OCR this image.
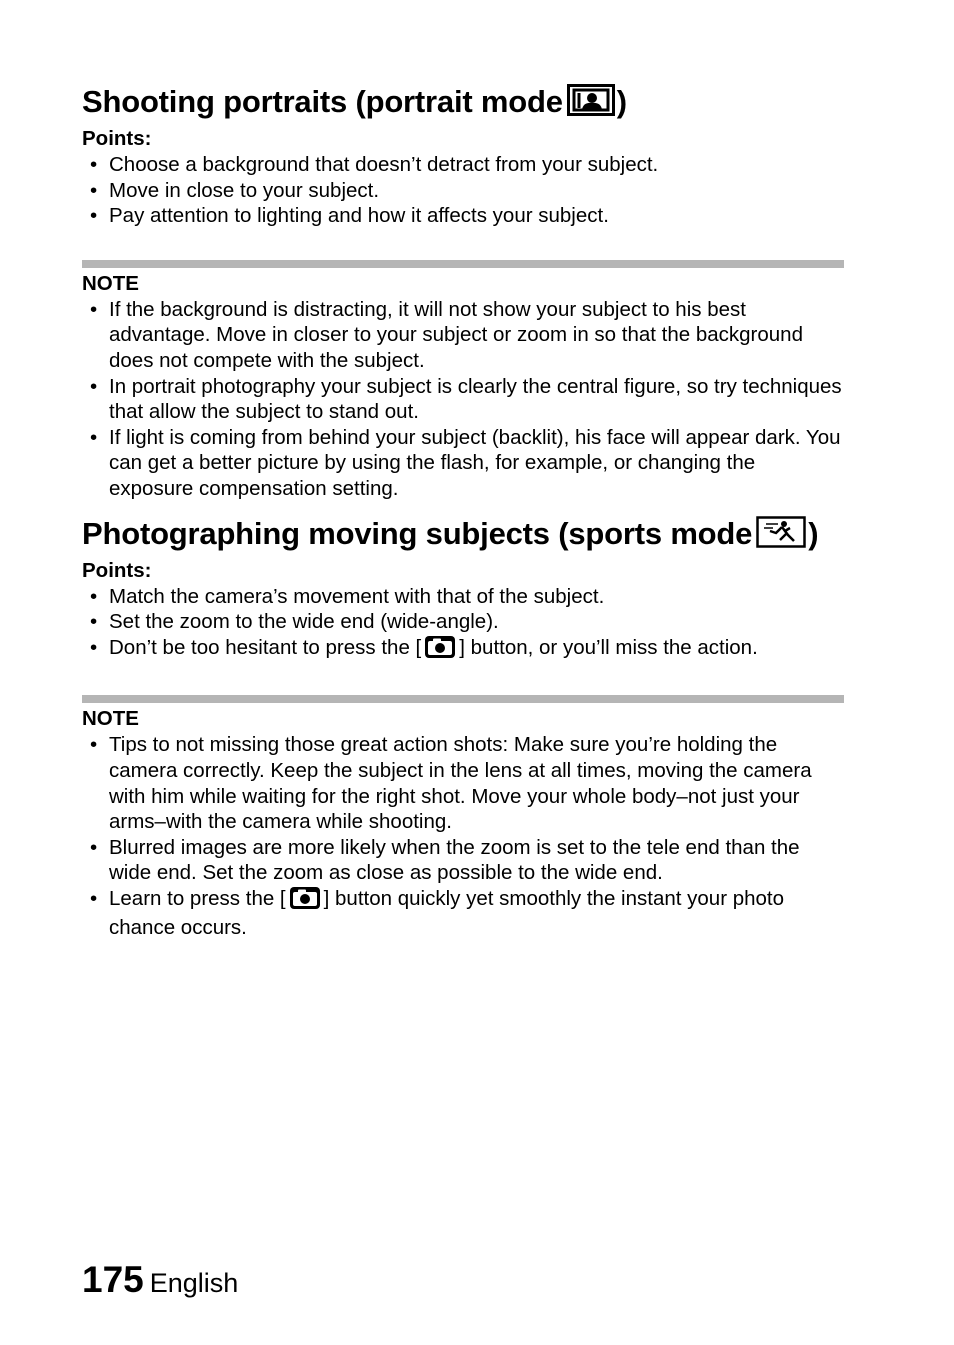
Shooting portraits (portrait mode )

Points:

• Choose a background that doesn’t detract from your subject.
• Move in close to your subject.
• Pay attention to lighting and how it affects your subject.

NOTE

• If the background is distracting, it will not show your subject to his best advantage. Move in closer to your subject or zoom in so that the background does not compete with the subject.
• In portrait photography your subject is clearly the central figure, so try techniques that allow the subject to stand out.
• If light is coming from behind your subject (backlit), his face will appear dark. You can get a better picture by using the flash, for example, or changing the exposure compensation setting.
Photographing moving subjects (sports mode )

Points:

• Match the camera’s movement with that of the subject.
• Set the zoom to the wide end (wide-angle).
• Don’t be too hesitant to press the [ ] button, or you’ll miss the action.

NOTE

• Tips to not missing those great action shots: Make sure you’re holding the camera correctly. Keep the subject in the lens at all times, moving the camera with him while waiting for the right shot. Move your whole body–not just your arms–with the camera while shooting.
• Blurred images are more likely when the zoom is set to the tele end than the wide end. Set the zoom as close as possible to the wide end.
• Learn to press the [ ] button quickly yet smoothly the instant your photo chance occurs.
175 English
